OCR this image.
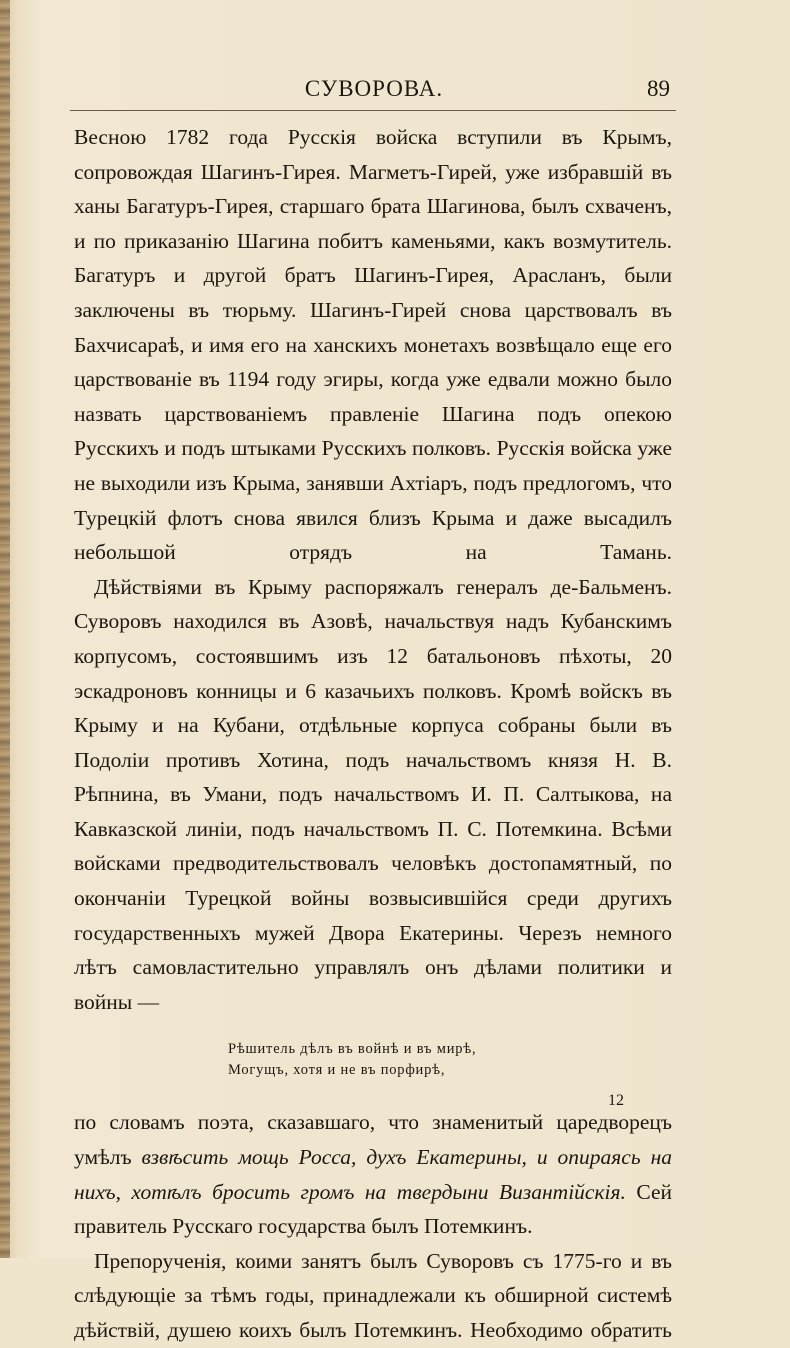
СУВОРОВА.	89

Весною 1782 года Русскія войска вступили въ Крымъ, сопровождая Шагинъ-Гирея. Магметъ-Гирей, уже избравшій въ ханы Багатуръ-Гирея, старшаго брата Шагинова, былъ схваченъ, и по приказанію Шагина побитъ каменьями, какъ возмутитель. Багатуръ и другой братъ Шагинъ-Гирея, Арасланъ, были заключены въ тюрьму. Шагинъ-Гирей снова царствовалъ въ Бахчисараѣ, и имя его на ханскихъ монетахъ возвѣщало еще его царствованіе въ 1194 году эгиры, когда уже едвали можно было назвать царствованіемъ правленіе Шагина подъ опекою Русскихъ и подъ штыками Русскихъ полковъ. Русскія войска уже не выходили изъ Крыма, занявши Ахтіаръ, подъ предлогомъ, что Турецкій флотъ снова явился близъ Крыма и даже высадилъ небольшой отрядъ на Тамань.

Дѣйствіями въ Крыму распоряжалъ генералъ де-Бальменъ. Суворовъ находился въ Азовѣ, начальствуя надъ Кубанскимъ корпусомъ, состоявшимъ изъ 12 батальоновъ пѣхоты, 20 эскадроновъ конницы и 6 казачьихъ полковъ. Кромѣ войскъ въ Крыму и на Кубани, отдѣльные корпуса собраны были въ Подоліи противъ Хотина, подъ начальствомъ князя Н. В. Рѣпнина, въ Умани, подъ начальствомъ И. П. Салтыкова, на Кавказской линіи, подъ начальствомъ П. С. Потемкина. Всѣми войсками предводительствовалъ человѣкъ достопамятный, по окончаніи Турецкой войны возвысившійся среди другихъ государственныхъ мужей Двора Екатерины. Черезъ немного лѣтъ самовластительно управлялъ онъ дѣлами политики и войны —

Рѣшитель дѣлъ въ войнѣ и въ мирѣ,
Могущъ, хотя и не въ порфирѣ,

по словамъ поэта, сказавшаго, что знаменитый царедворецъ умѣлъ взвѣсить мощь Росса, духъ Екатерины, и опираясь на нихъ, хотѣлъ бросить громъ на твердыни Византійскія. Сей правитель Русскаго государства былъ Потемкинъ.

Препорученія, коими занятъ былъ Суворовъ съ 1775-го и въ слѣдующіе за тѣмъ годы, принадлежали къ обширной системѣ дѣйствій, душею коихъ былъ Потемкинъ. Необходимо обратить

12
